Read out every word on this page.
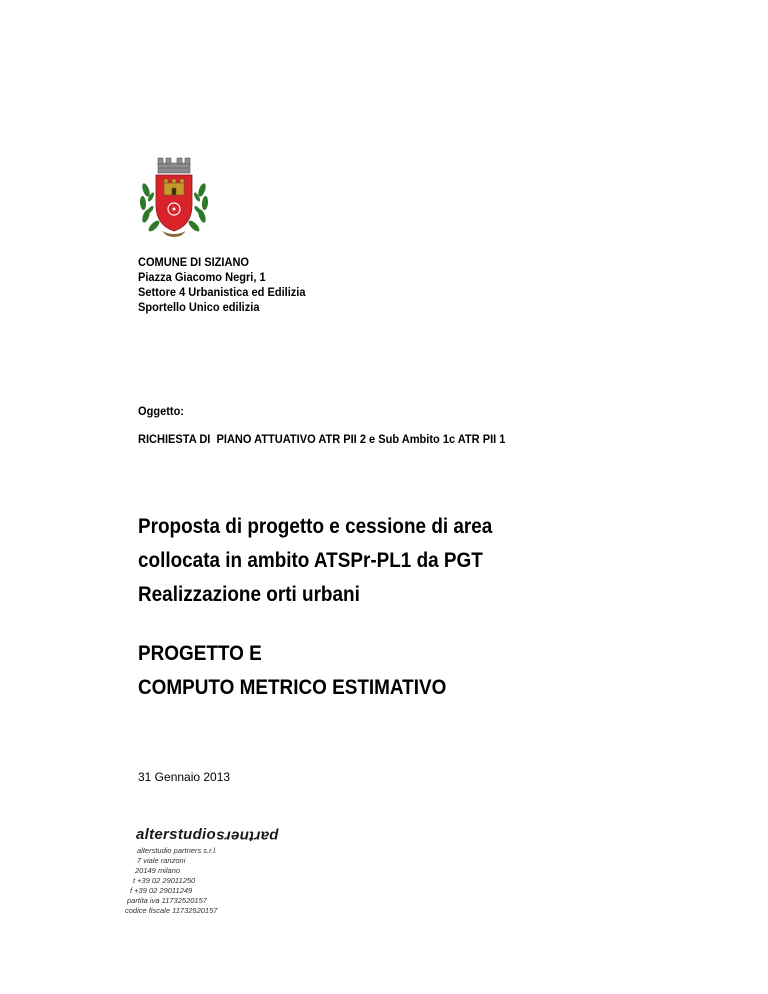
COMUNE DI SIZIANO
Piazza Giacomo Negri, 1
Settore 4 Urbanistica ed Edilizia
Sportello Unico edilizia
Oggetto:
RICHIESTA DI  PIANO ATTUATIVO ATR PII 2 e Sub Ambito 1c ATR PII 1
Proposta di progetto e cessione di area
collocata in ambito ATSPr-PL1 da PGT
Realizzazione orti urbani
PROGETTO E
COMPUTO METRICO ESTIMATIVO
31 Gennaio 2013
alterstudiopartners
alterstudio partners s.r.l.
7 viale ranzoni
20149 milano
t +39 02 29011250
f +39 02 29011249
partita iva 11732520157
codice fiscale 11732520157
